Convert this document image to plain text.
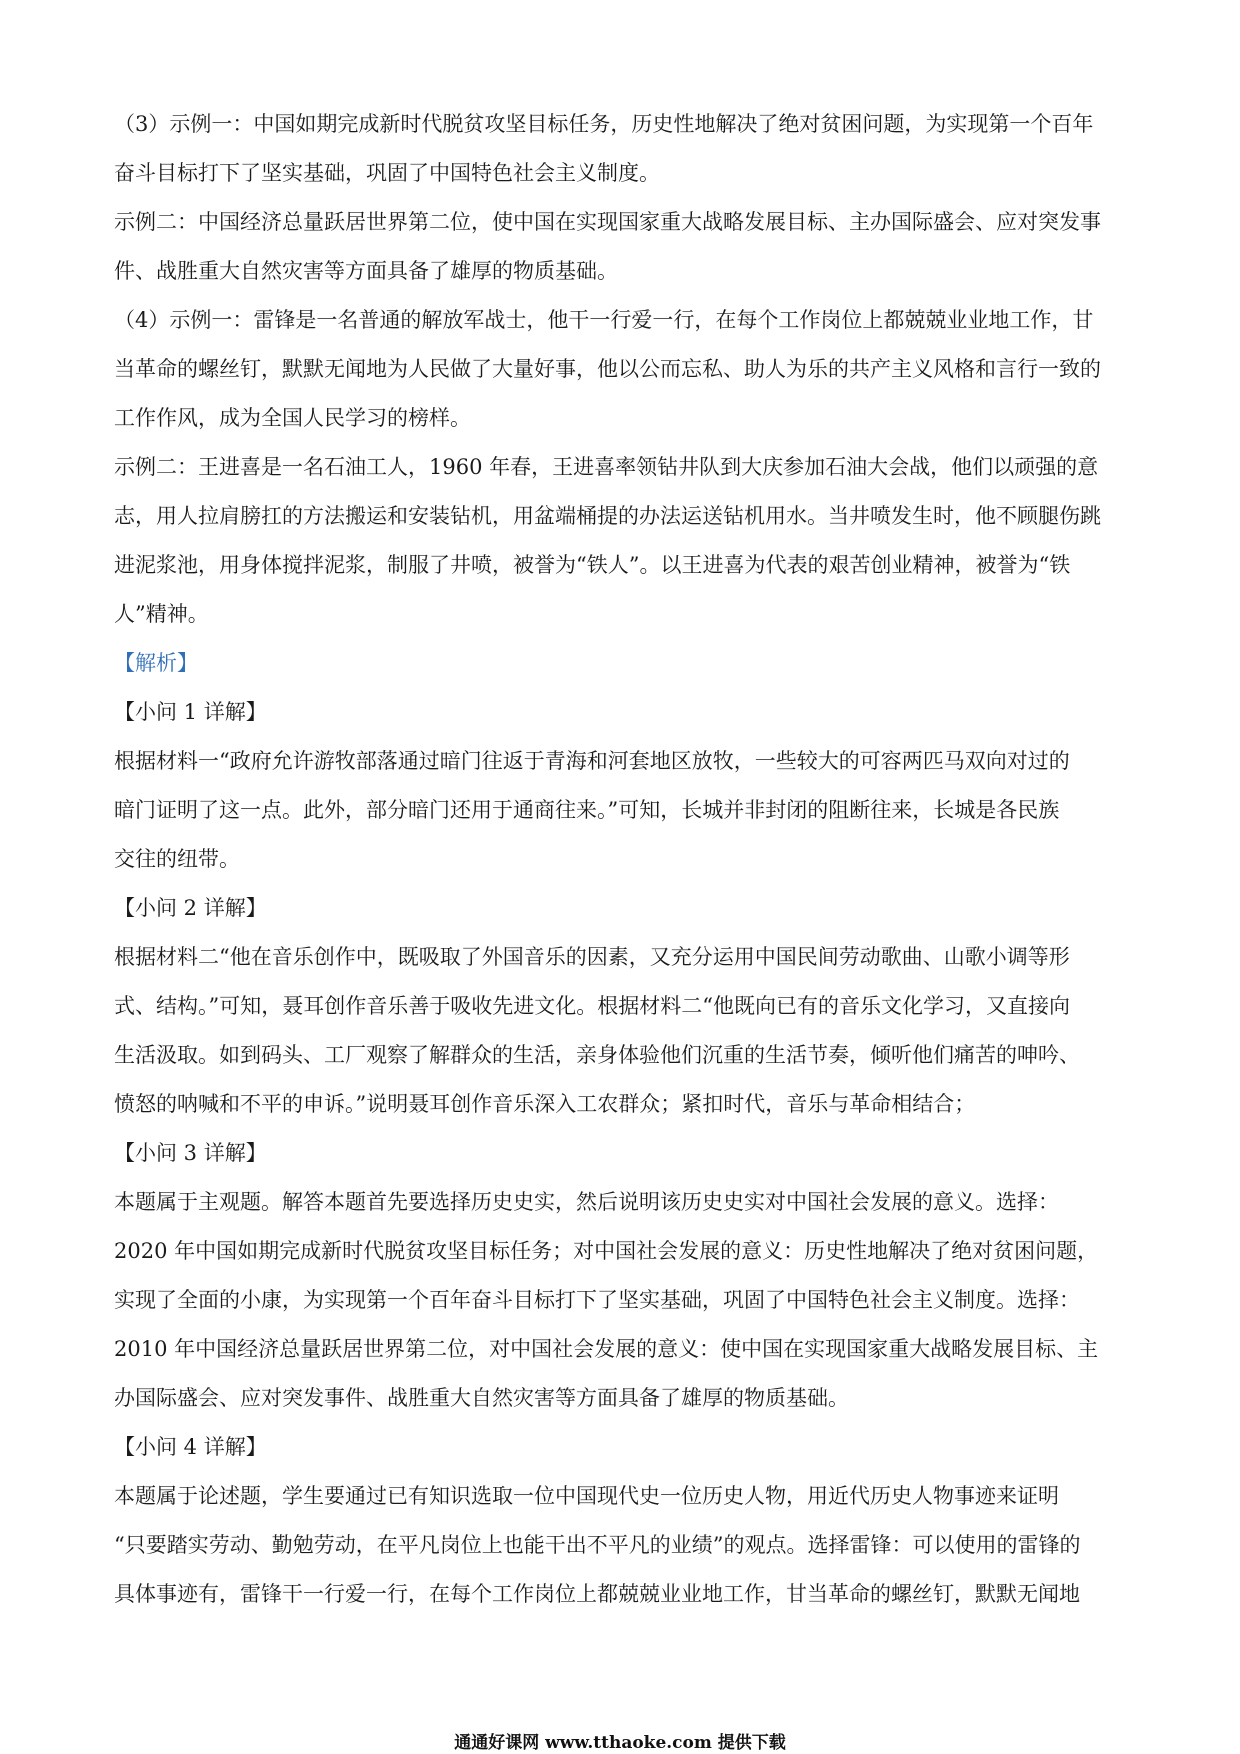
（3）示例一：中国如期完成新时代脱贫攻坚目标任务，历史性地解决了绝对贫困问题，为实现第一个百年
奋斗目标打下了坚实基础，巩固了中国特色社会主义制度。
示例二：中国经济总量跃居世界第二位，使中国在实现国家重大战略发展目标、主办国际盛会、应对突发事
件、战胜重大自然灾害等方面具备了雄厚的物质基础。
（4）示例一：雷锋是一名普通的解放军战士，他干一行爱一行，在每个工作岗位上都兢兢业业地工作，甘
当革命的螺丝钉，默默无闻地为人民做了大量好事，他以公而忘私、助人为乐的共产主义风格和言行一致的
工作作风，成为全国人民学习的榜样。
示例二：王进喜是一名石油工人，1960 年春，王进喜率领钻井队到大庆参加石油大会战，他们以顽强的意
志，用人拉肩膀扛的方法搬运和安装钻机，用盆端桶提的办法运送钻机用水。当井喷发生时，他不顾腿伤跳
进泥浆池，用身体搅拌泥浆，制服了井喷，被誉为“铁人”。以王进喜为代表的艰苦创业精神，被誉为“铁
人”精神。
【解析】
【小问 1 详解】
根据材料一“政府允许游牧部落通过暗门往返于青海和河套地区放牧，一些较大的可容两匹马双向对过的
暗门证明了这一点。此外，部分暗门还用于通商往来。”可知，长城并非封闭的阻断往来，长城是各民族
交往的纽带。
【小问 2 详解】
根据材料二“他在音乐创作中，既吸取了外国音乐的因素，又充分运用中国民间劳动歌曲、山歌小调等形
式、结构。”可知，聂耳创作音乐善于吸收先进文化。根据材料二“他既向已有的音乐文化学习，又直接向
生活汲取。如到码头、工厂观察了解群众的生活，亲身体验他们沉重的生活节奏，倾听他们痛苦的呻吟、
愤怒的呐喊和不平的申诉。”说明聂耳创作音乐深入工农群众；紧扣时代，音乐与革命相结合；
【小问 3 详解】
本题属于主观题。解答本题首先要选择历史史实，然后说明该历史史实对中国社会发展的意义。选择：
2020 年中国如期完成新时代脱贫攻坚目标任务；对中国社会发展的意义：历史性地解决了绝对贫困问题，
实现了全面的小康，为实现第一个百年奋斗目标打下了坚实基础，巩固了中国特色社会主义制度。选择：
2010 年中国经济总量跃居世界第二位，对中国社会发展的意义：使中国在实现国家重大战略发展目标、主
办国际盛会、应对突发事件、战胜重大自然灾害等方面具备了雄厚的物质基础。
【小问 4 详解】
本题属于论述题，学生要通过已有知识选取一位中国现代史一位历史人物，用近代历史人物事迹来证明
“只要踏实劳动、勤勉劳动，在平凡岗位上也能干出不平凡的业绩”的观点。选择雷锋：可以使用的雷锋的
具体事迹有，雷锋干一行爱一行，在每个工作岗位上都兢兢业业地工作，甘当革命的螺丝钉，默默无闻地
通通好课网 www.tthaoke.com 提供下载
